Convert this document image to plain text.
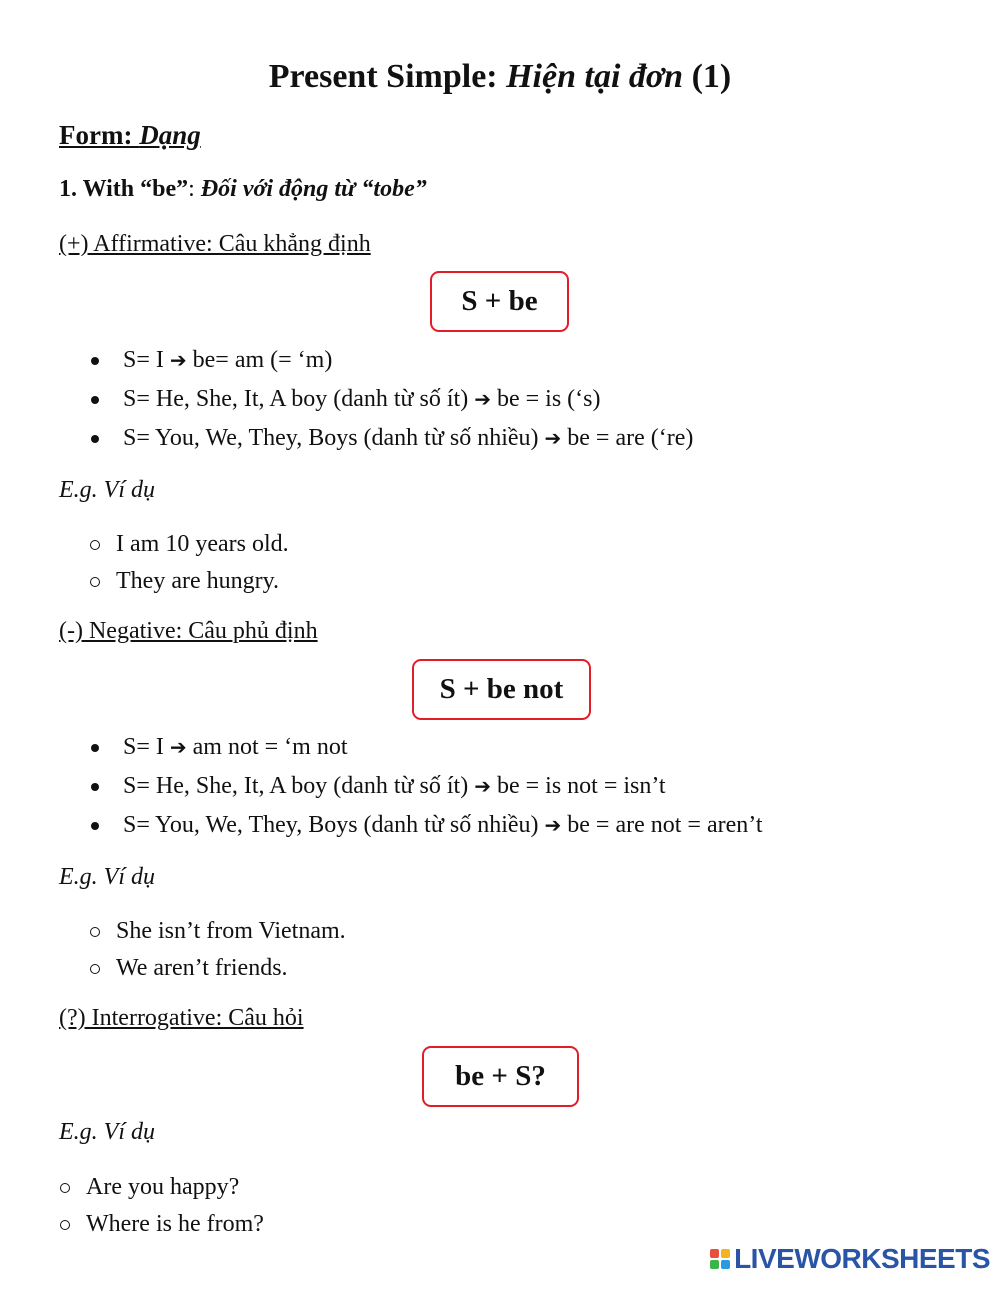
Present Simple: Hiện tại đơn (1)
Form: Dạng
1. With “be”: Đối với động từ “tobe”
(+) Affirmative: Câu khẳng định
S + be
S= I ➔ be= am (= ‘m)
S= He, She, It, A boy (danh từ số ít) ➔ be = is (‘s)
S= You, We, They, Boys (danh từ số nhiều) ➔ be = are (‘re)
E.g. Ví dụ
I am 10 years old.
They are hungry.
(-) Negative: Câu phủ định
S + be not
S= I ➔ am not = ‘m not
S= He, She, It, A boy (danh từ số ít) ➔ be = is not = isn’t
S= You, We, They, Boys (danh từ số nhiều) ➔ be = are not = aren’t
E.g. Ví dụ
She isn’t from Vietnam.
We aren’t friends.
(?) Interrogative: Câu hỏi
be + S?
E.g. Ví dụ
Are you happy?
Where is he from?
LIVEWORKSHEETS
